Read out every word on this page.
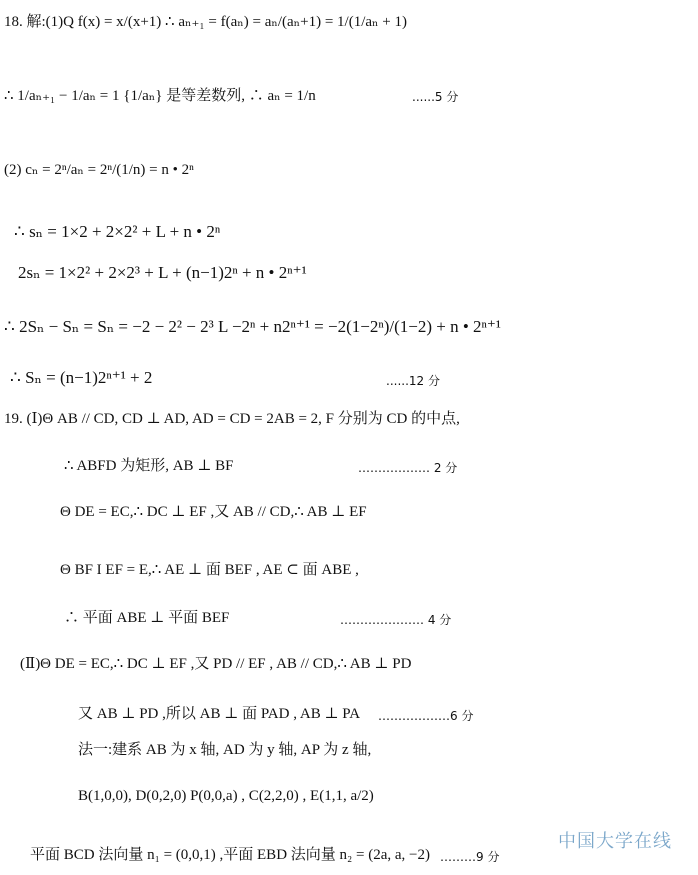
18. 解:(1)Q f(x) = x/(x+1) ∴ aₙ₊₁ = f(aₙ) = aₙ/(aₙ+1) = 1/(1/aₙ + 1)
∴ 1/aₙ₊₁ − 1/aₙ = 1 {1/aₙ} 是等差数列, ∴ aₙ = 1/n	......5 分
(2) cₙ = 2ⁿ/aₙ = 2ⁿ/(1/n) = n • 2ⁿ
∴ sₙ = 1×2 + 2×2² + L + n • 2ⁿ
2sₙ = 1×2² + 2×2³ + L + (n−1)2ⁿ + n • 2ⁿ⁺¹
∴ 2Sₙ − Sₙ = Sₙ = −2 − 2² − 2³ L −2ⁿ + n2ⁿ⁺¹ = −2(1−2ⁿ)/(1−2) + n • 2ⁿ⁺¹
∴ Sₙ = (n−1)2ⁿ⁺¹ + 2	......12 分
19. (Ⅰ)Θ AB // CD, CD ⊥ AD, AD = CD = 2AB = 2, F 分别为 CD 的中点,
∴ ABFD 为矩形, AB ⊥ BF	……………… 2 分
Θ DE = EC,∴ DC ⊥ EF ,又 AB // CD,∴ AB ⊥ EF
Θ BF I EF = E,∴ AE ⊥ 面 BEF , AE ⊂ 面 ABE ,
∴ 平面 ABE ⊥ 平面 BEF	………………… 4 分
(Ⅱ)Θ DE = EC,∴ DC ⊥ EF ,又 PD // EF , AB // CD,∴ AB ⊥ PD
又 AB ⊥ PD ,所以 AB ⊥ 面 PAD , AB ⊥ PA ………………6 分
法一:建系 AB 为 x 轴, AD 为 y 轴, AP 为 z 轴,
B(1,0,0), D(0,2,0) P(0,0,a) , C(2,2,0) , E(1,1, a/2)
平面 BCD 法向量 n₁ = (0,0,1) ,平面 EBD 法向量 n₂ = (2a, a, −2) ………9 分
中国大学在线
